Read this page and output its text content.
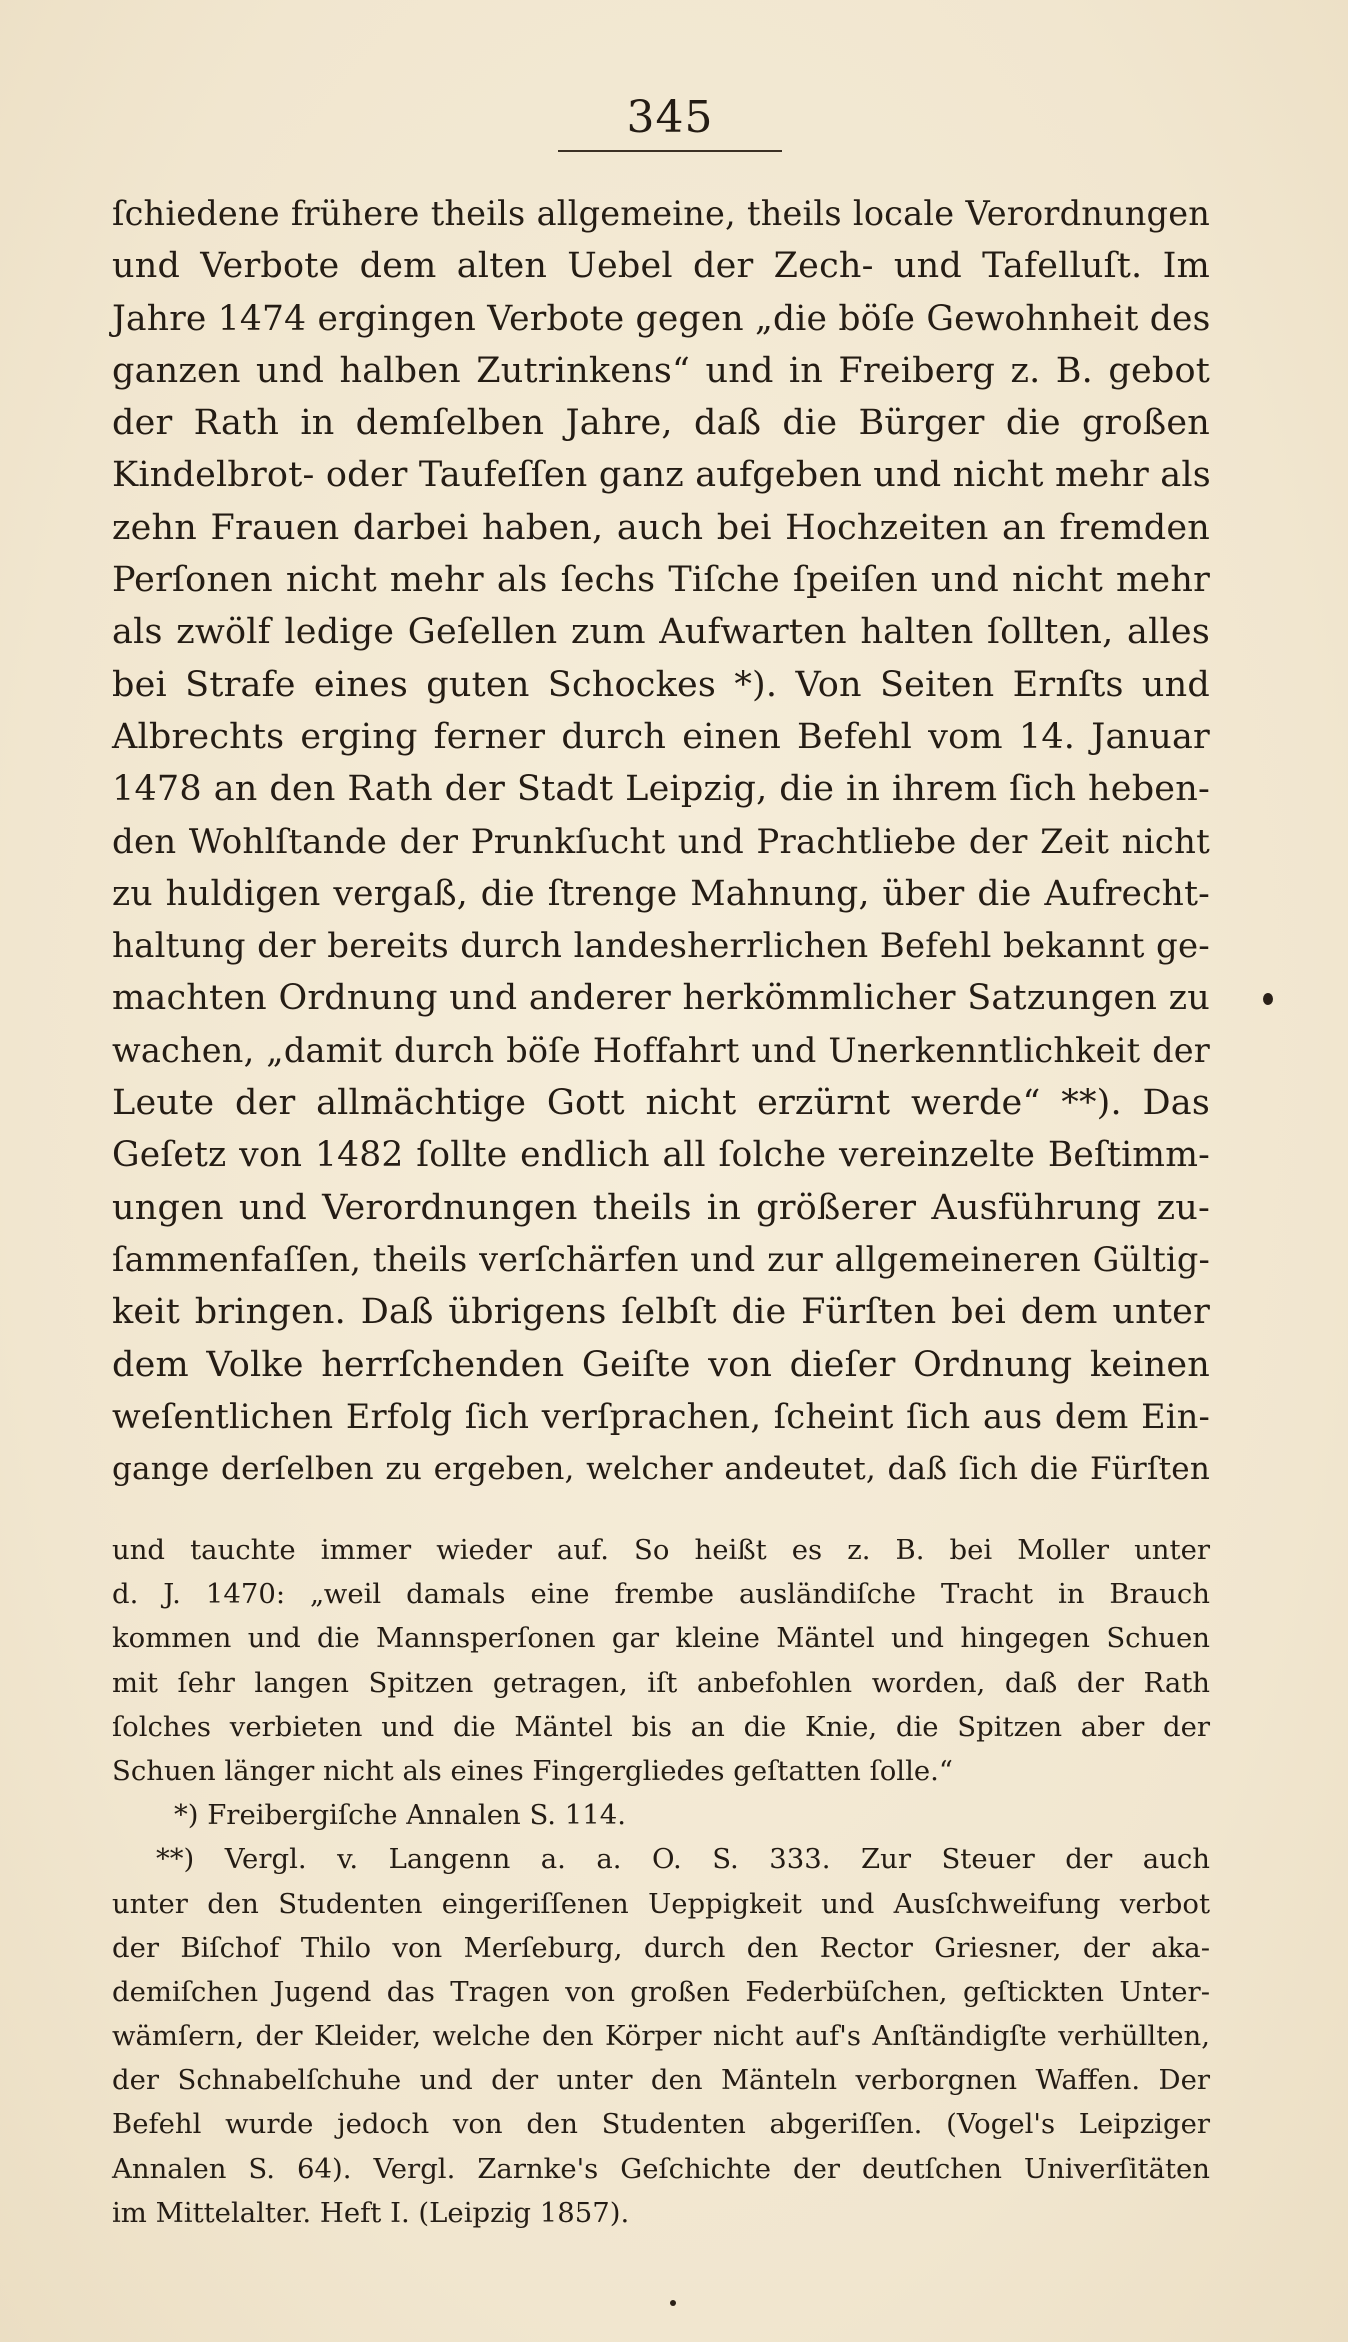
345
ſchiedene frühere theils allgemeine, theils locale Verordnungen
und Verbote dem alten Uebel der Zech- und Tafelluſt. Im
Jahre 1474 ergingen Verbote gegen „die böſe Gewohnheit des
ganzen und halben Zutrinkens“ und in Freiberg z. B. gebot
der Rath in demſelben Jahre, daß die Bürger die großen
Kindelbrot- oder Taufeſſen ganz aufgeben und nicht mehr als
zehn Frauen darbei haben, auch bei Hochzeiten an fremden
Perſonen nicht mehr als ſechs Tiſche ſpeiſen und nicht mehr
als zwölf ledige Geſellen zum Aufwarten halten ſollten, alles
bei Strafe eines guten Schockes *). Von Seiten Ernſts und
Albrechts erging ferner durch einen Befehl vom 14. Januar
1478 an den Rath der Stadt Leipzig, die in ihrem ſich heben-
den Wohlſtande der Prunkſucht und Prachtliebe der Zeit nicht
zu huldigen vergaß, die ſtrenge Mahnung, über die Aufrecht-
haltung der bereits durch landesherrlichen Befehl bekannt ge-
machten Ordnung und anderer herkömmlicher Satzungen zu
wachen, „damit durch böſe Hoffahrt und Unerkenntlichkeit der
Leute der allmächtige Gott nicht erzürnt werde“ **). Das
Geſetz von 1482 ſollte endlich all ſolche vereinzelte Beſtimm-
ungen und Verordnungen theils in größerer Ausführung zu-
ſammenfaſſen, theils verſchärfen und zur allgemeineren Gültig-
keit bringen. Daß übrigens ſelbſt die Fürſten bei dem unter
dem Volke herrſchenden Geiſte von dieſer Ordnung keinen
weſentlichen Erfolg ſich verſprachen, ſcheint ſich aus dem Ein-
gange derſelben zu ergeben, welcher andeutet, daß ſich die Fürſten
und tauchte immer wieder auf. So heißt es z. B. bei Moller unter
d. J. 1470: „weil damals eine frembe ausländiſche Tracht in Brauch
kommen und die Mannsperſonen gar kleine Mäntel und hingegen Schuen
mit ſehr langen Spitzen getragen, iſt anbefohlen worden, daß der Rath
ſolches verbieten und die Mäntel bis an die Knie, die Spitzen aber der
Schuen länger nicht als eines Fingergliedes geſtatten ſolle.“
*) Freibergiſche Annalen S. 114.
**) Vergl. v. Langenn a. a. O. S. 333. Zur Steuer der auch
unter den Studenten eingeriſſenen Ueppigkeit und Ausſchweifung verbot
der Biſchof Thilo von Merſeburg, durch den Rector Griesner, der aka-
demiſchen Jugend das Tragen von großen Federbüſchen, geſtickten Unter-
wämſern, der Kleider, welche den Körper nicht auf's Anſtändigſte verhüllten,
der Schnabelſchuhe und der unter den Mänteln verborgnen Waffen. Der
Befehl wurde jedoch von den Studenten abgeriſſen. (Vogel's Leipziger
Annalen S. 64). Vergl. Zarnke's Geſchichte der deutſchen Univerſitäten
im Mittelalter. Heft I. (Leipzig 1857).
